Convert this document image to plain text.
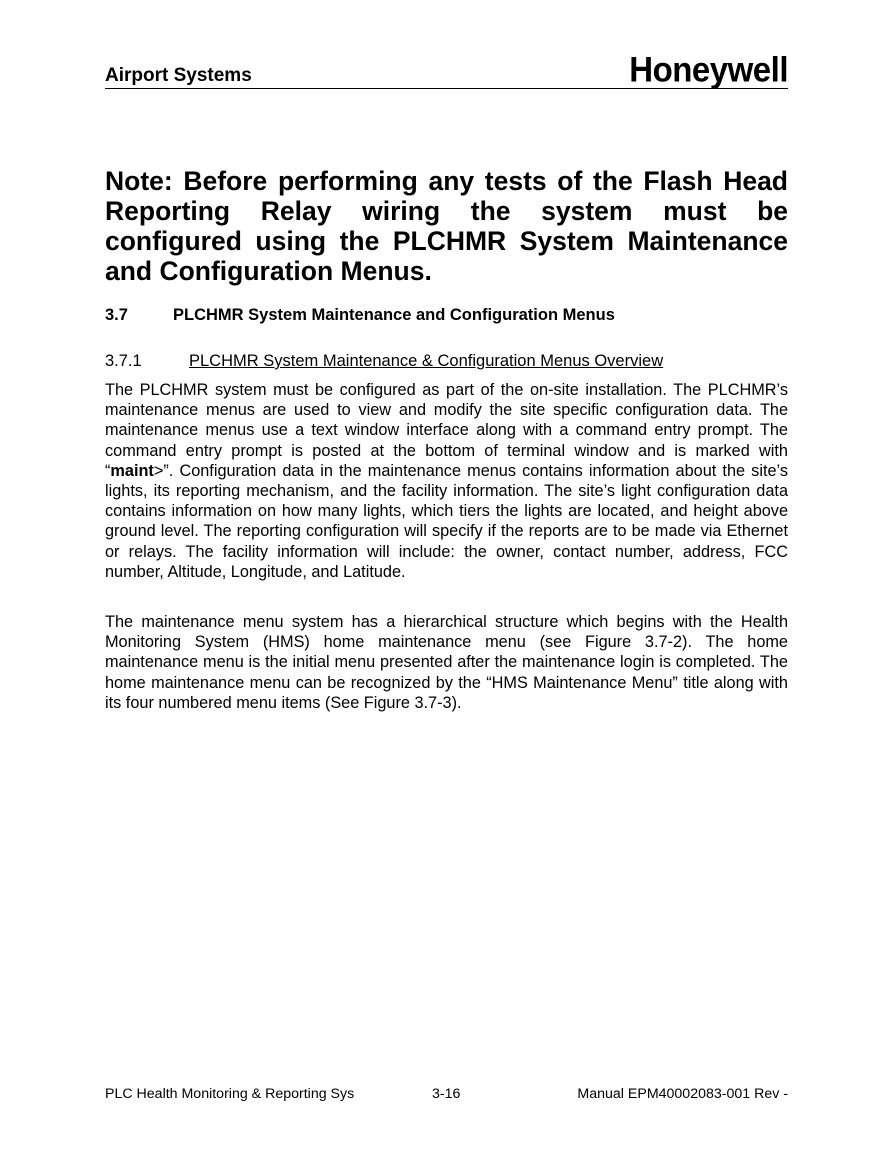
Airport Systems	Honeywell

Note: Before performing any tests of the Flash Head Reporting Relay wiring the system must be configured using the PLCHMR System Maintenance and Configuration Menus.

3.7	PLCHMR System Maintenance and Configuration Menus
3.7.1	PLCHMR System Maintenance & Configuration Menus Overview

The PLCHMR system must be configured as part of the on-site installation. The PLCHMR’s maintenance menus are used to view and modify the site specific configuration data. The maintenance menus use a text window interface along with a command entry prompt. The command entry prompt is posted at the bottom of terminal window and is marked with “maint>”. Configuration data in the maintenance menus contains information about the site’s lights, its reporting mechanism, and the facility information. The site’s light configuration data contains information on how many lights, which tiers the lights are located, and height above ground level. The reporting configuration will specify if the reports are to be made via Ethernet or relays. The facility information will include: the owner, contact number, address, FCC number, Altitude, Longitude, and Latitude.

The maintenance menu system has a hierarchical structure which begins with the Health Monitoring System (HMS) home maintenance menu (see Figure 3.7-2). The home maintenance menu is the initial menu presented after the maintenance login is completed. The home maintenance menu can be recognized by the “HMS Maintenance Menu” title along with its four numbered menu items (See Figure 3.7-3).

PLC Health Monitoring & Reporting Sys	3-16	Manual EPM40002083-001 Rev -
